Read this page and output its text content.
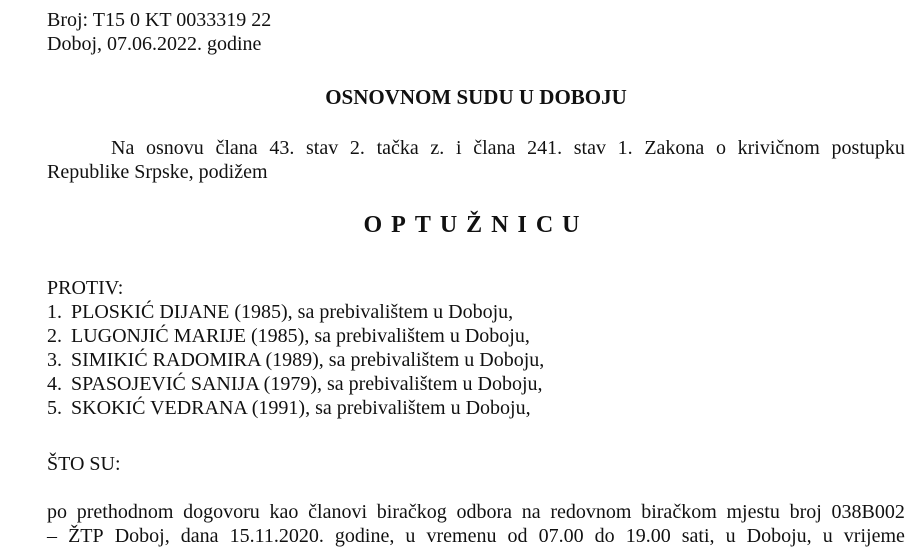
Broj: T15 0 KT 0033319 22
Doboj, 07.06.2022. godine
OSNOVNOM SUDU U DOBOJU
Na osnovu člana 43. stav 2. tačka z. i člana 241. stav 1. Zakona o krivičnom postupku
Republike Srpske, podižem
OPTUŽNICU
PROTIV:
1. PLOSKIĆ DIJANE (1985), sa prebivalištem u Doboju,
2. LUGONJIĆ MARIJE (1985), sa prebivalištem u Doboju,
3. SIMIKIĆ RADOMIRA (1989), sa prebivalištem u Doboju,
4. SPASOJEVIĆ SANIJA (1979), sa prebivalištem u Doboju,
5. SKOKIĆ VEDRANA (1991), sa prebivalištem u Doboju,
ŠTO SU:
po prethodnom dogovoru kao članovi biračkog odbora na redovnom biračkom mjestu broj 038B002
– ŽTP Doboj, dana 15.11.2020. godine, u vremenu od 07.00 do 19.00 sati, u Doboju, u vrijeme
